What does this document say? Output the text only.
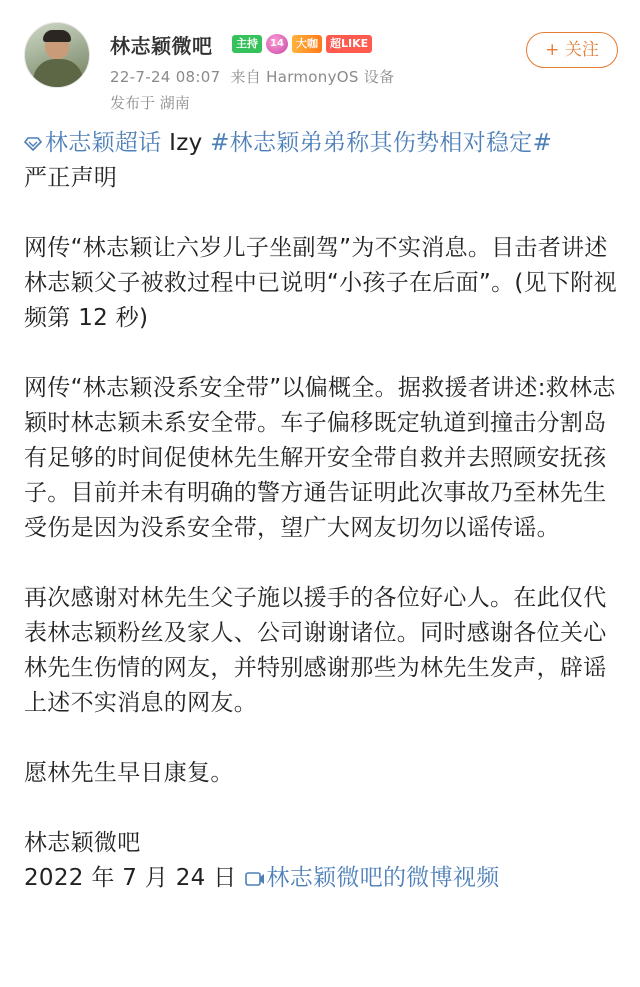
林志颖微吧	主持	14	大咖	超LIKE	+ 关注
22-7-24 08:07 来自 HarmonyOS 设备
发布于 湖南
林志颖超话 Izy #林志颖弟弟称其伤势相对稳定#
严正声明
网传“林志颖让六岁儿子坐副驾”为不实消息。目击者讲述林志颖父子被救过程中已说明“小孩子在后面”。(见下附视频第 12 秒)
网传“林志颖没系安全带”以偏概全。据救援者讲述:救林志颖时林志颖未系安全带。车子偏移既定轨道到撞击分割岛有足够的时间促使林先生解开安全带自救并去照顾安抚孩子。目前并未有明确的警方通告证明此次事故乃至林先生受伤是因为没系安全带，望广大网友切勿以谣传谣。
再次感谢对林先生父子施以援手的各位好心人。在此仅代表林志颖粉丝及家人、公司谢谢诸位。同时感谢各位关心林先生伤情的网友，并特别感谢那些为林先生发声，辟谣上述不实消息的网友。
愿林先生早日康复。
林志颖微吧
2022 年 7 月 24 日 林志颖微吧的微博视频
